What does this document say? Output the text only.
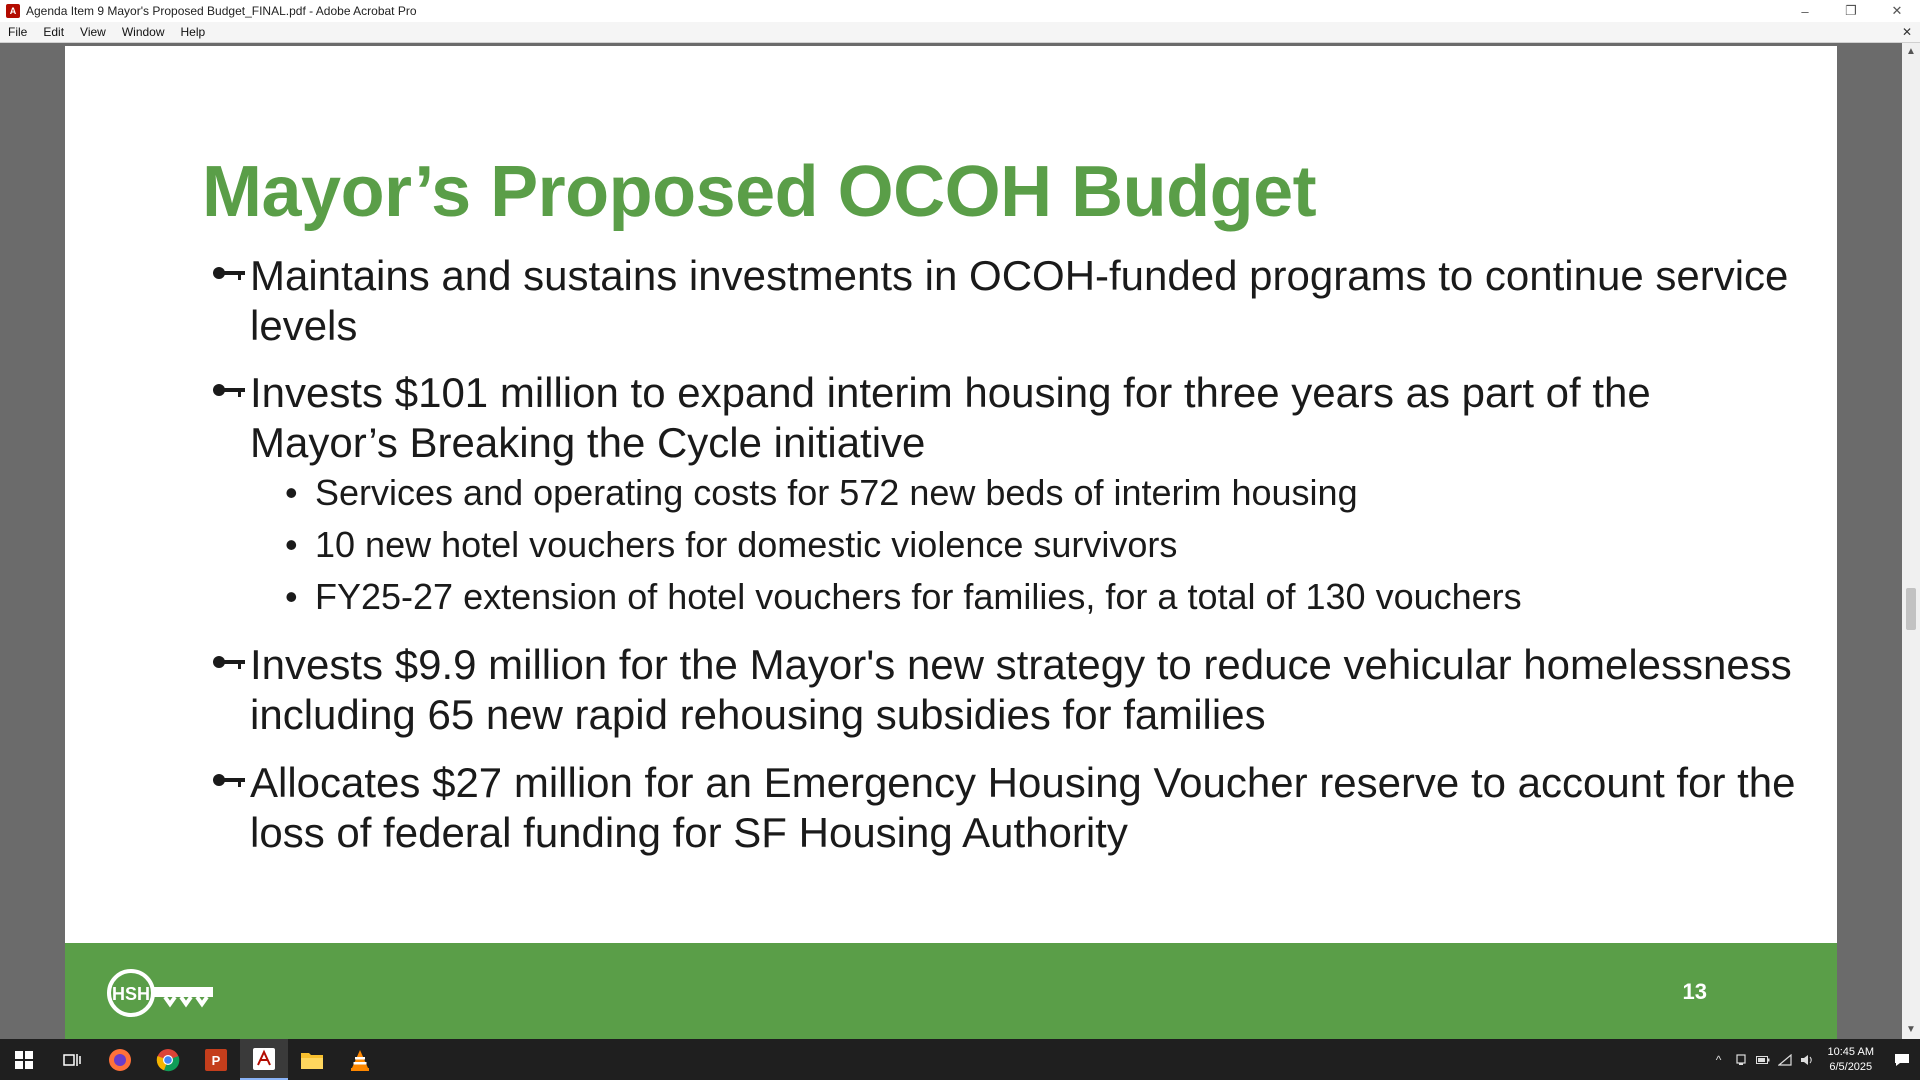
A Agenda Item 9 Mayor's Proposed Budget_FINAL.pdf - Adobe Acrobat Pro	–	❐	✕
File	Edit	View	Window	Help	✕
Mayor’s Proposed OCOH Budget
Maintains and sustains investments in OCOH-funded programs to continue service levels
Invests $101 million to expand interim housing for three years as part of the Mayor’s Breaking the Cycle initiative
• Services and operating costs for 572 new beds of interim housing
• 10 new hotel vouchers for domestic violence survivors
• FY25-27 extension of hotel vouchers for families, for a total of 130 vouchers
Invests $9.9 million for the Mayor's new strategy to reduce vehicular homelessness including 65 new rapid rehousing subsidies for families
Allocates $27 million for an Emergency Housing Voucher reserve to account for the loss of federal funding for SF Housing Authority
HSH	13
▲
▼
P	^
10:45 AM
6/5/2025
